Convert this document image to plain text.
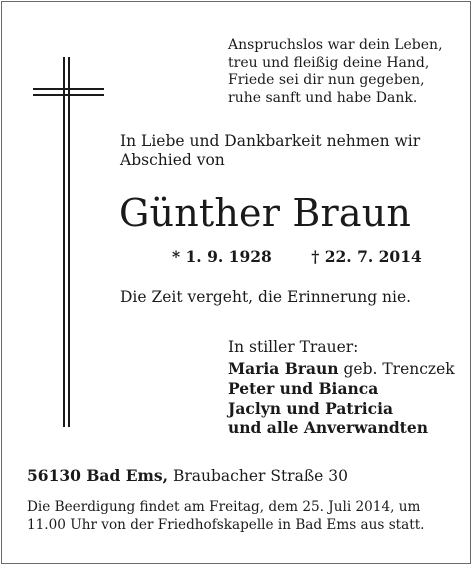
Anspruchslos war dein Leben,
treu und fleißig deine Hand,
Friede sei dir nun gegeben,
ruhe sanft und habe Dank.
In Liebe und Dankbarkeit nehmen wir
Abschied von
Günther Braun
* 1. 9. 1928	† 22. 7. 2014
Die Zeit vergeht, die Erinnerung nie.
In stiller Trauer:
Maria Braun geb. Trenczek
Peter und Bianca
Jaclyn und Patricia
und alle Anverwandten
56130 Bad Ems, Braubacher Straße 30
Die Beerdigung findet am Freitag, dem 25. Juli 2014, um
11.00 Uhr von der Friedhofskapelle in Bad Ems aus statt.
